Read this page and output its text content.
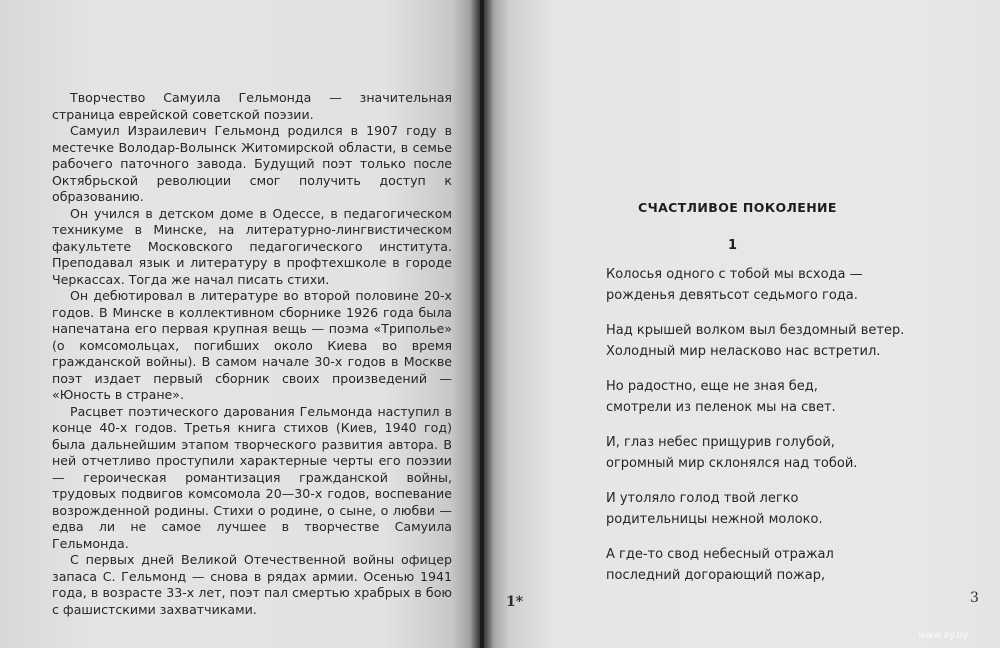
Творчество Самуила Гельмонда — значительная страница еврейской советской поэзии.

Самуил Израилевич Гельмонд родился в 1907 году в местечке Володар-Волынск Житомирской области, в семье рабочего паточного завода. Будущий поэт только после Октябрьской революции смог получить доступ к образованию.

Он учился в детском доме в Одессе, в педагогическом техникуме в Минске, на литературно-лингвистическом факультете Московского педагогического института. Преподавал язык и литературу в профтехшколе в городе Черкассах. Тогда же начал писать стихи.

Он дебютировал в литературе во второй половине 20-х годов. В Минске в коллективном сборнике 1926 года была напечатана его первая крупная вещь — поэма «Триполье» (о комсомольцах, погибших около Киева во время гражданской войны). В самом начале 30-х годов в Москве поэт издает первый сборник своих произведений — «Юность в стране».

Расцвет поэтического дарования Гельмонда наступил в конце 40-х годов. Третья книга стихов (Киев, 1940 год) была дальнейшим этапом творческого развития автора. В ней отчетливо проступили характерные черты его поэзии — героическая романтизация гражданской войны, трудовых подвигов комсомола 20—30-х годов, воспевание возрожденной родины. Стихи о родине, о сыне, о любви — едва ли не самое лучшее в творчестве Самуила Гельмонда.

С первых дней Великой Отечественной войны офицер запаса С. Гельмонд — снова в рядах армии. Осенью 1941 года, в возрасте 33-х лет, поэт пал смертью храбрых в бою с фашистскими захватчиками.	1*
СЧАСТЛИВОЕ ПОКОЛЕНИЕ
1
Колосья одного с тобой мы всхода —
рожденья девятьсот седьмого года.
Над крышей волком выл бездомный ветер.
Холодный мир неласково нас встретил.
Но радостно, еще не зная бед,
смотрели из пеленок мы на свет.
И, глаз небес прищурив голубой,
огромный мир склонялся над тобой.
И утоляло голод твой легко
родительницы нежной молоко.
А где-то свод небесный отражал
последний догорающий пожар,
3
www.ay.by
